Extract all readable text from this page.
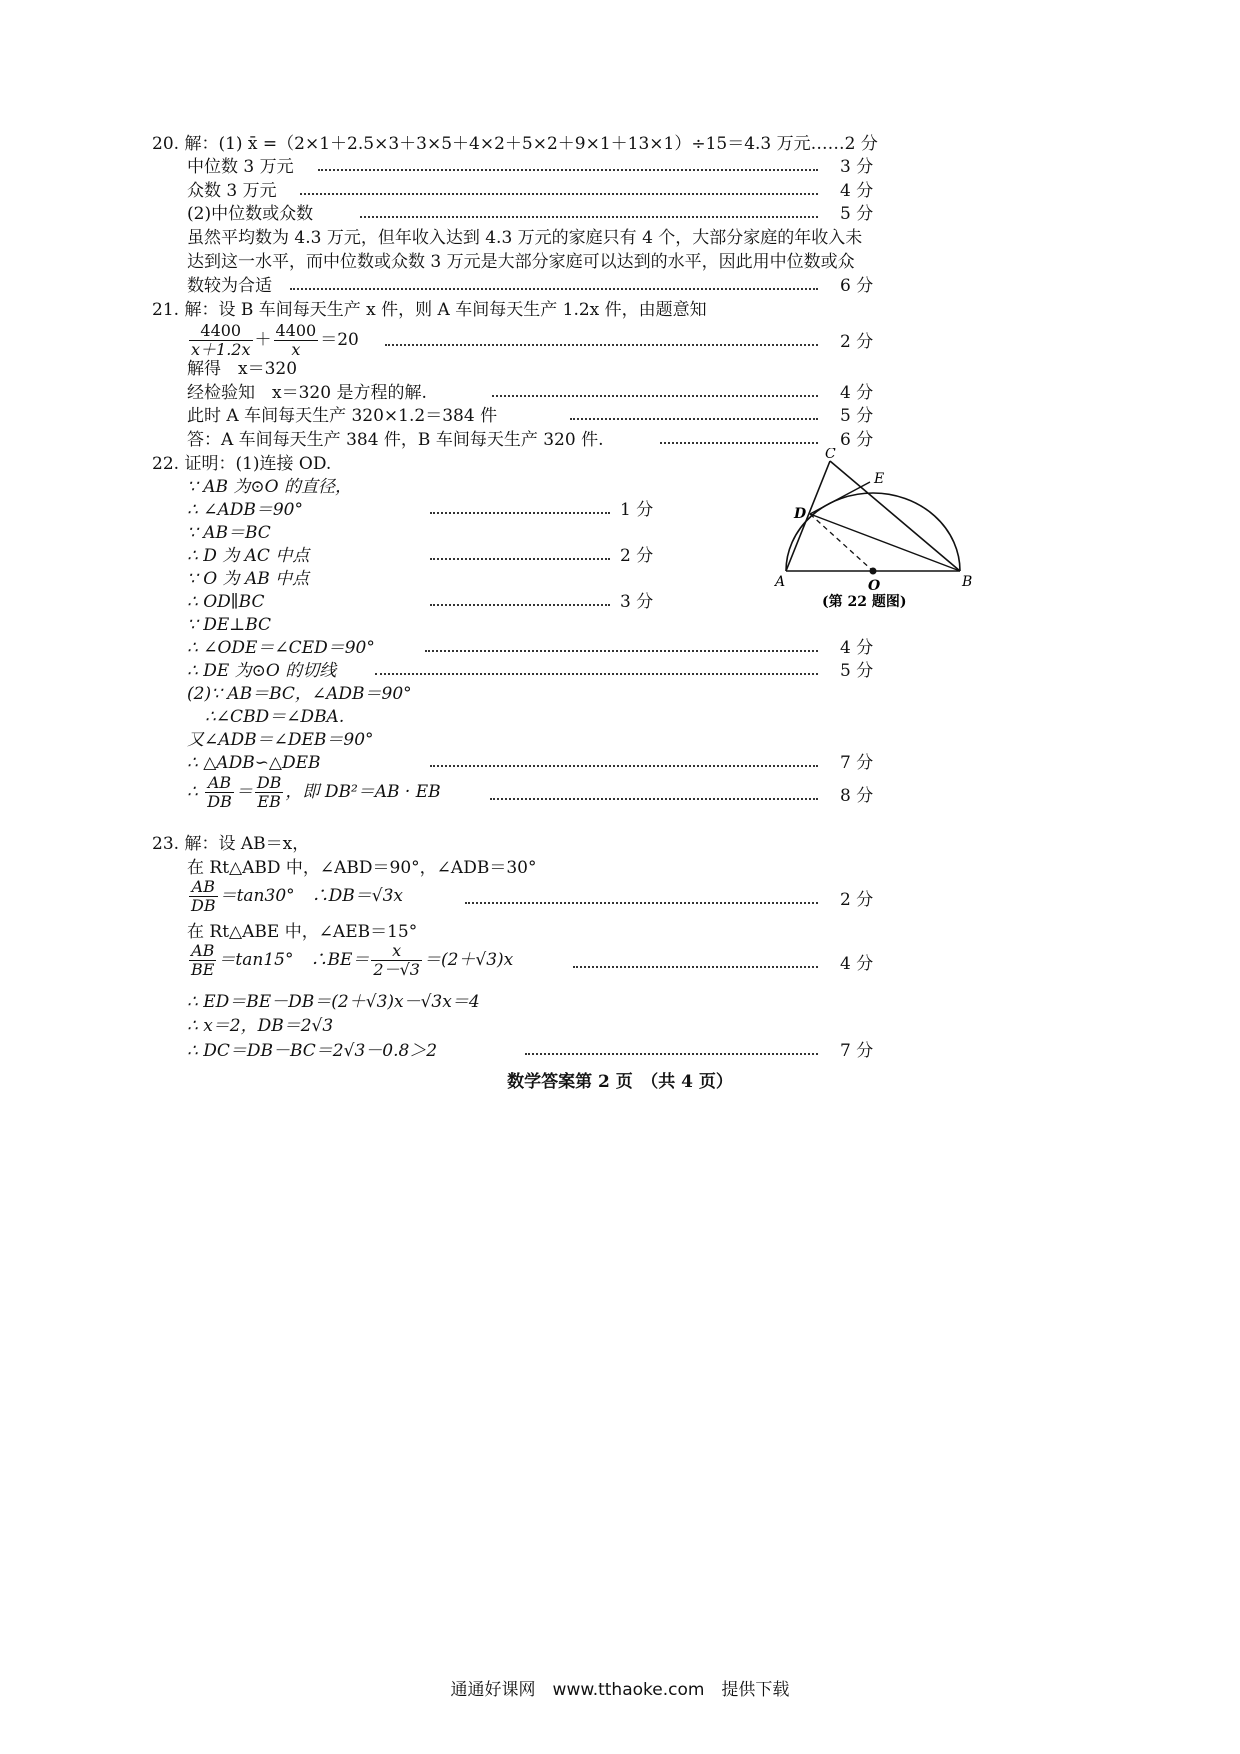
20. 解：(1) x̄ =（2×1＋2.5×3＋3×5＋4×2＋5×2＋9×1＋13×1）÷15＝4.3 万元……2 分
中位数 3 万元	3 分
众数 3 万元	4 分
(2)中位数或众数	5 分
虽然平均数为 4.3 万元，但年收入达到 4.3 万元的家庭只有 4 个，大部分家庭的年收入未
达到这一水平，而中位数或众数 3 万元是大部分家庭可以达到的水平，因此用中位数或众
数较为合适	6 分
21. 解：设 B 车间每天生产 x 件，则 A 车间每天生产 1.2x 件，由题意知
$\frac{4400}{x+1.2x} + \frac{4400}{x} =20$	2 分
解得　x＝320
经检验知　x＝320 是方程的解.	4 分
此时 A 车间每天生产 320×1.2＝384 件	5 分
答：A 车间每天生产 384 件，B 车间每天生产 320 件.	6 分
22. 证明：(1)连接 OD.
∵ AB 为⊙O 的直径，
∴ ∠ADB＝90°	1 分
∵ AB＝BC
∴ D 为 AC 中点	2 分
∵ O 为 AB 中点
∴ OD∥BC	3 分
∵ DE⊥BC
∴ ∠ODE＝∠CED＝90°	4 分
∴ DE 为⊙O 的切线	5 分
(2)∵ AB＝BC，∠ADB＝90°
∴∠CBD＝∠DBA.
又∠ADB＝∠DEB＝90°
∴ △ADB∽△DEB	7 分
∴ $\frac{AB}{DB} = \frac{DB}{EB}$ ，即 DB²＝AB · EB	8 分
C
E
D
A	O	B
(第 22 题图)
23. 解：设 AB＝x，
在 Rt△ABD 中，∠ABD＝90°，∠ADB＝30°
$\frac{AB}{DB} =\tan 30^\circ$　∴DB＝√3x	2 分
在 Rt△ABE 中，∠AEB＝15°
$\frac{AB}{BE} =\tan 15^\circ$　∴BE＝ $\frac{x}{2-√3} =(2+√3)x$	4 分
∴ ED＝BE－DB＝(2＋√3)x－√3x＝4
∴ x＝2，DB＝2√3
∴ DC＝DB－BC＝2√3－0.8＞2	7 分
数学答案第 2 页　（共 4 页）
通通好课网　www.tthaoke.com　提供下载
